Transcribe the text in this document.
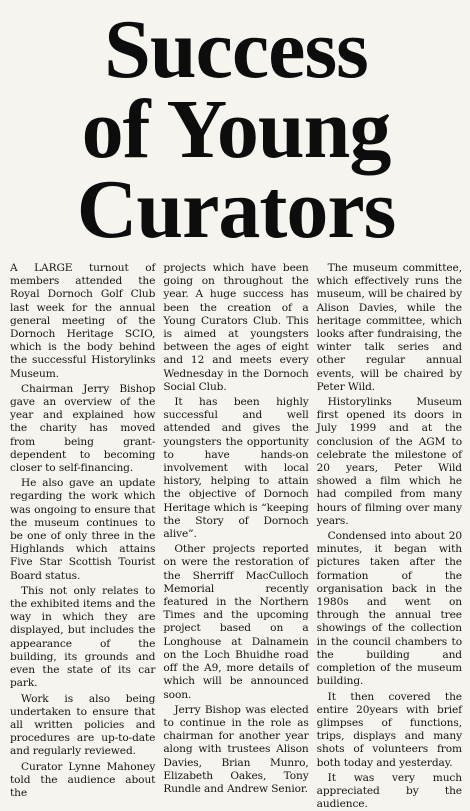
Success
of Young
Curators

A LARGE turnout of members attended the Royal Dornoch Golf Club last week for the annual general meeting of the Dornoch Heritage SCIO, which is the body behind the successful Historylinks Museum.

Chairman Jerry Bishop gave an overview of the year and explained how the charity has moved from being grant-dependent to becoming closer to self-financing.

He also gave an update regarding the work which was ongoing to ensure that the museum continues to be one of only three in the Highlands which attains Five Star Scottish Tourist Board status.

This not only relates to the exhibited items and the way in which they are displayed, but includes the appearance of the building, its grounds and even the state of its car park.

Work is also being undertaken to ensure that all written policies and procedures are up-to-date and regularly reviewed.

Curator Lynne Mahoney told the audience about the

projects which have been going on throughout the year. A huge success has been the creation of a Young Curators Club. This is aimed at youngsters between the ages of eight and 12 and meets every Wednesday in the Dornoch Social Club.

It has been highly successful and well attended and gives the youngsters the opportunity to have hands-on involvement with local history, helping to attain the objective of Dornoch Heritage which is “keeping the Story of Dornoch alive”.

Other projects reported on were the restoration of the Sherriff MacCulloch Memorial recently featured in the Northern Times and the upcoming project based on a Longhouse at Dalnamein on the Loch Bhuidhe road off the A9, more details of which will be announced soon.

Jerry Bishop was elected to continue in the role as chairman for another year along with trustees Alison Davies, Brian Munro, Elizabeth Oakes, Tony Rundle and Andrew Senior.

The museum committee, which effectively runs the museum, will be chaired by Alison Davies, while the heritage committee, which looks after fundraising, the winter talk series and other regular annual events, will be chaired by Peter Wild.

Historylinks Museum first opened its doors in July 1999 and at the conclusion of the AGM to celebrate the milestone of 20 years, Peter Wild showed a film which he had compiled from many hours of filming over many years.

Condensed into about 20 minutes, it began with pictures taken after the formation of the organisation back in the 1980s and went on through the annual tree showings of the collection in the council chambers to the building and completion of the museum building.

It then covered the entire 20years with brief glimpses of functions, trips, displays and many shots of volunteers from both today and yesterday.

It was very much appreciated by the audience.
